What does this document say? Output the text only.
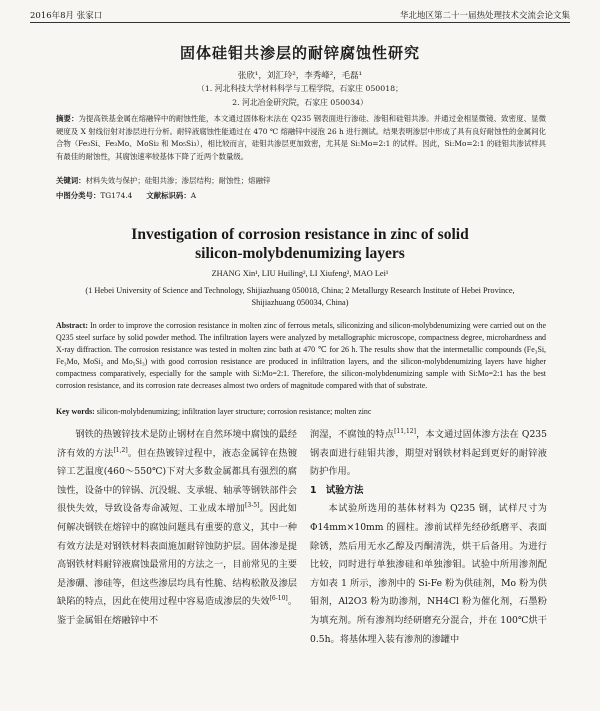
2016年8月 张家口	华北地区第二十一届热处理技术交流会论文集
固体硅钼共渗层的耐锌腐蚀性研究
张欣¹，刘汇玲²，李秀峰²，毛磊¹
（1. 河北科技大学材料科学与工程学院，石家庄 050018；
2. 河北冶金研究院，石家庄 050034）
摘要：为提高铁基金属在熔融锌中的耐蚀性能，本文通过固体粉末法在 Q235 钢表面进行渗硅、渗钼和硅钼共渗。并通过金相显微镜、致密度、显微硬度及 X 射线衍射对渗层进行分析。耐锌液腐蚀性能通过在 470 ℃ 熔融锌中浸泡 26 h 进行测试。结果表明渗层中形成了具有良好耐蚀性的金属间化合物（Fe₃Si、Fe₃Mo、MoSi₂ 和 Mo₅Si₃），相比较而言，硅钼共渗层更加致密，尤其是 Si:Mo=2:1 的试样。因此，Si:Mo=2:1 的硅钼共渗试样具有最佳的耐蚀性，其腐蚀速率较基体下降了近两个数量级。
关键词：材料失效与保护；硅钼共渗；渗层结构；耐蚀性；熔融锌
中图分类号：TG174.4 文献标识码：A
Investigation of corrosion resistance in zinc of solid
silicon-molybdenumizing layers
ZHANG Xin¹, LIU Huiling², LI Xiufeng², MAO Lei¹
(1 Hebei University of Science and Technology, Shijiazhuang 050018, China; 2 Metallurgy Research Institute of Hebei Province, Shijiazhuang 050034, China)
Abstract: In order to improve the corrosion resistance in molten zinc of ferrous metals, siliconizing and silicon-molybdenumizing were carried out on the Q235 steel surface by solid powder method. The infiltration layers were analyzed by metallographic microscope, compactness degree, microhardness and X-ray diffraction. The corrosion resistance was tested in molten zinc bath at 470 ℃ for 26 h. The results show that the intermetallic compounds (Fe₃Si, Fe₃Mo, MoSi₂ and Mo₅Si₃) with good corrosion resistance are produced in infiltration layers, and the silicon-molybdenumizing layers have higher compactness comparatively, especially for the sample with Si:Mo=2:1. Therefore, the silicon-molybdenumizing sample with Si:Mo=2:1 has the best corrosion resistance, and its corrosion rate decreases almost two orders of magnitude compared with that of substrate.
Key words: silicon-molybdenumizing; infiltration layer structure; corrosion resistance; molten zinc

钢铁的热镀锌技术是防止钢材在自然环境中腐蚀的最经济有效的方法[1,2]。但在热镀锌过程中，液态金属锌在热镀锌工艺温度(460～550℃)下对大多数金属都具有强烈的腐蚀性，设备中的锌锅、沉没辊、支承辊、轴承等钢铁部件会很快失效，导致设备寿命减短、工业成本增加[3-5]。因此如何解决钢铁在熔锌中的腐蚀问题具有重要的意义，其中一种有效方法是对钢铁材料表面施加耐锌蚀防护层。固体渗是提高钢铁材料耐锌液腐蚀最常用的方法之一，目前常见的主要是渗硼、渗硅等，但这些渗层均具有性脆、结构松散及渗层缺陷的特点，因此在使用过程中容易造成渗层的失效[6-10]。鉴于金属钼在熔融锌中不

润湿，不腐蚀的特点[11,12]，本文通过固体渗方法在 Q235 钢表面进行硅钼共渗，期望对钢铁材料起到更好的耐锌液防护作用。

1　试验方法

本试验所选用的基体材料为 Q235 钢，试样尺寸为 Φ14mm×10mm 的圆柱。渗前试样先经砂纸磨平、表面除锈，然后用无水乙醇及丙酮清洗，烘干后备用。为进行比较，同时进行单独渗硅和单独渗钼。试验中所用渗剂配方如表 1 所示，渗剂中的 Si-Fe 粉为供硅剂，Mo 粉为供钼剂，Al2O3 粉为助渗剂，NH4Cl 粉为催化剂，石墨粉为填充剂。所有渗剂均经研磨充分混合，并在 100℃烘干 0.5h。将基体埋入装有渗剂的渗罐中
